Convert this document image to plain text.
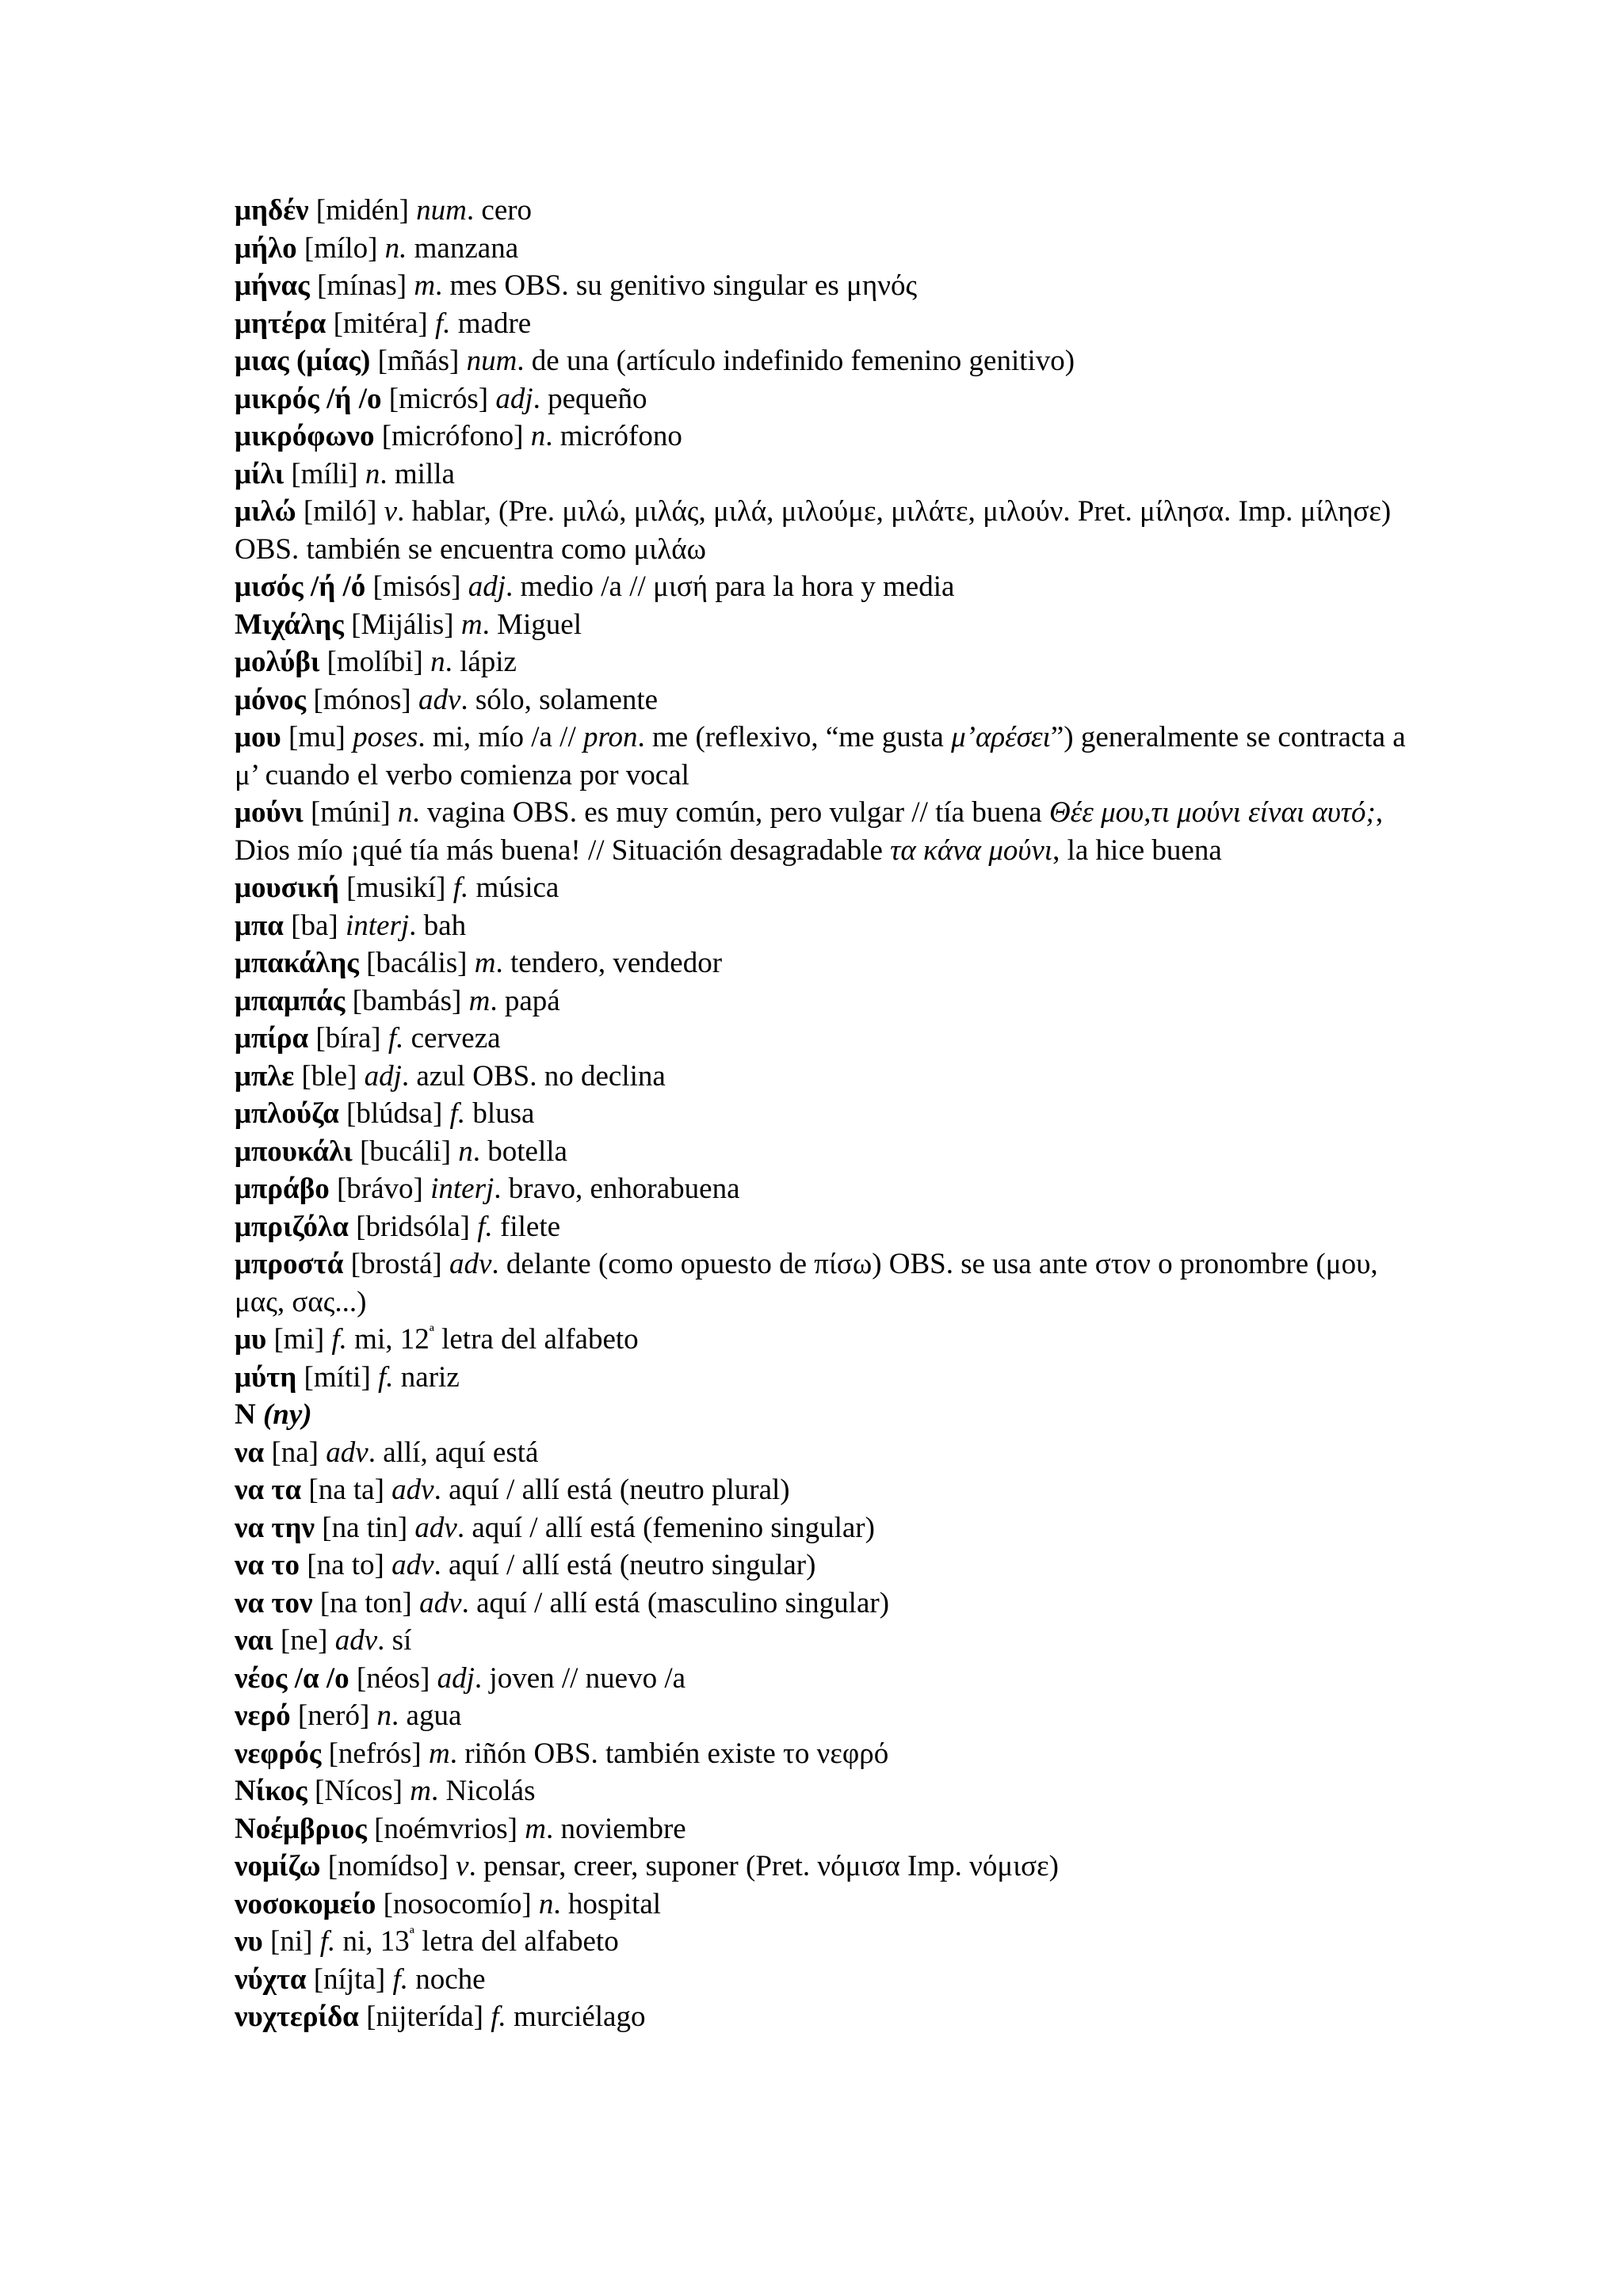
μηδέν [midén] num. cero

μήλο [mílo] n. manzana

μήνας [mínas] m. mes OBS. su genitivo singular es μηνός

μητέρα [mitéra] f. madre

μιας (μίας) [mñás] num. de una (artículo indefinido femenino genitivo)

μικρός /ή /ο [micrós] adj. pequeño

μικρόφωνο [micrófono] n. micrófono

μίλι [míli] n. milla

μιλώ [miló] v. hablar, (Pre. μιλώ, μιλάς, μιλά, μιλούμε, μιλάτε, μιλούν. Pret. μίλησα. Imp. μίλησε) OBS. también se encuentra como μιλάω

μισός /ή /ό [misós] adj. medio /a // μισή para la hora y media

Μιχάλης [Mijális] m. Miguel

μολύβι [molíbi] n. lápiz

μόνος [mónos] adv. sólo, solamente

μου [mu] poses. mi, mío /a // pron. me (reflexivo, “me gusta μ’αρέσει”) generalmente se contracta a μ’ cuando el verbo comienza por vocal

μούνι [múni] n. vagina OBS. es muy común, pero vulgar // tía buena Θέε μου,τι μούνι είναι αυτό;, Dios mío ¡qué tía más buena! // Situación desagradable τα κάνα μούνι, la hice buena

μουσική [musikí] f. música

μπα [ba] interj. bah

μπακάλης [bacális] m. tendero, vendedor

μπαμπάς [bambás] m. papá

μπίρα [bíra] f. cerveza

μπλε [ble] adj. azul OBS. no declina

μπλούζα [blúdsa] f. blusa

μπουκάλι [bucáli] n. botella

μπράβο [brávo] interj. bravo, enhorabuena

μπριζόλα [bridsóla] f. filete

μπροστά [brostá] adv. delante (como opuesto de πίσω) OBS. se usa ante στον o pronombre (μου, μας, σας...)

μυ [mi] f. mi, $12^ª$ letra del alfabeto

μύτη [míti] f. nariz

Ν (ny)

να [na] adv. allí, aquí está

να τα [na ta] adv. aquí / allí está (neutro plural)

να την [na tin] adv. aquí / allí está (femenino singular)

να το [na to] adv. aquí / allí está (neutro singular)

να τον [na ton] adv. aquí / allí está (masculino singular)

ναι [ne] adv. sí

νέος /α /ο [néos] adj. joven // nuevo /a

νερό [neró] n. agua

νεφρός [nefrós] m. riñón OBS. también existe το νεφρό

Νίκος [Nícos] m. Nicolás

Νοέμβριος [noémvrios] m. noviembre

νομίζω [nomídso] v. pensar, creer, suponer (Pret. νόμισα Imp. νόμισε)

νοσοκομείο [nosocomío] n. hospital

νυ [ni] f. ni, $13^ª$ letra del alfabeto

νύχτα [níjta] f. noche

νυχτερίδα [nijterída] f. murciélago
